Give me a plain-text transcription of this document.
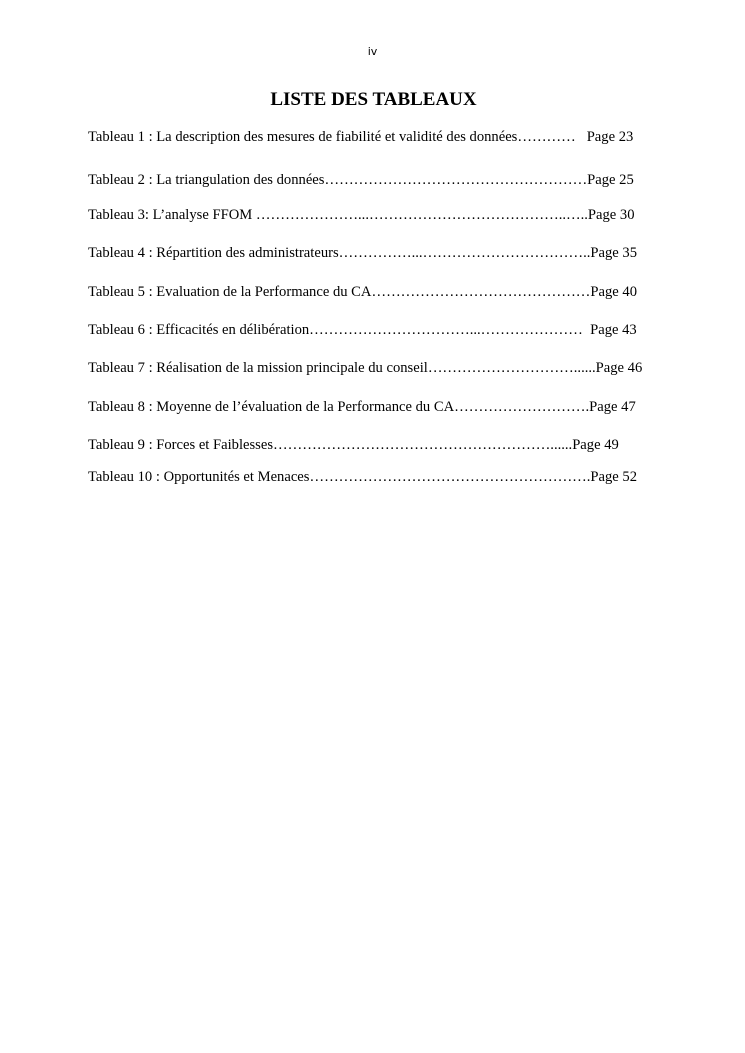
iv
LISTE DES TABLEAUX
Tableau 1 : La description des mesures de fiabilité et validité des données…………   Page 23
Tableau 2 : La triangulation des données………………………………………………Page 25
Tableau 3: L’analyse FFOM …………………...…………………………………..…..Page 30
Tableau 4 : Répartition des administrateurs……………...……………………………..Page 35
Tableau 5 : Evaluation de la Performance du CA………………………………………Page 40
Tableau 6 : Efficacités en délibération……………………………...…………………  Page 43
Tableau 7 : Réalisation de la mission principale du conseil…………………………......Page 46
Tableau 8 : Moyenne de l’évaluation de la Performance du CA……………………….Page 47
Tableau 9 : Forces et Faiblesses…………………………………………………......Page 49
Tableau 10 : Opportunités et Menaces………………………………………………….Page 52
